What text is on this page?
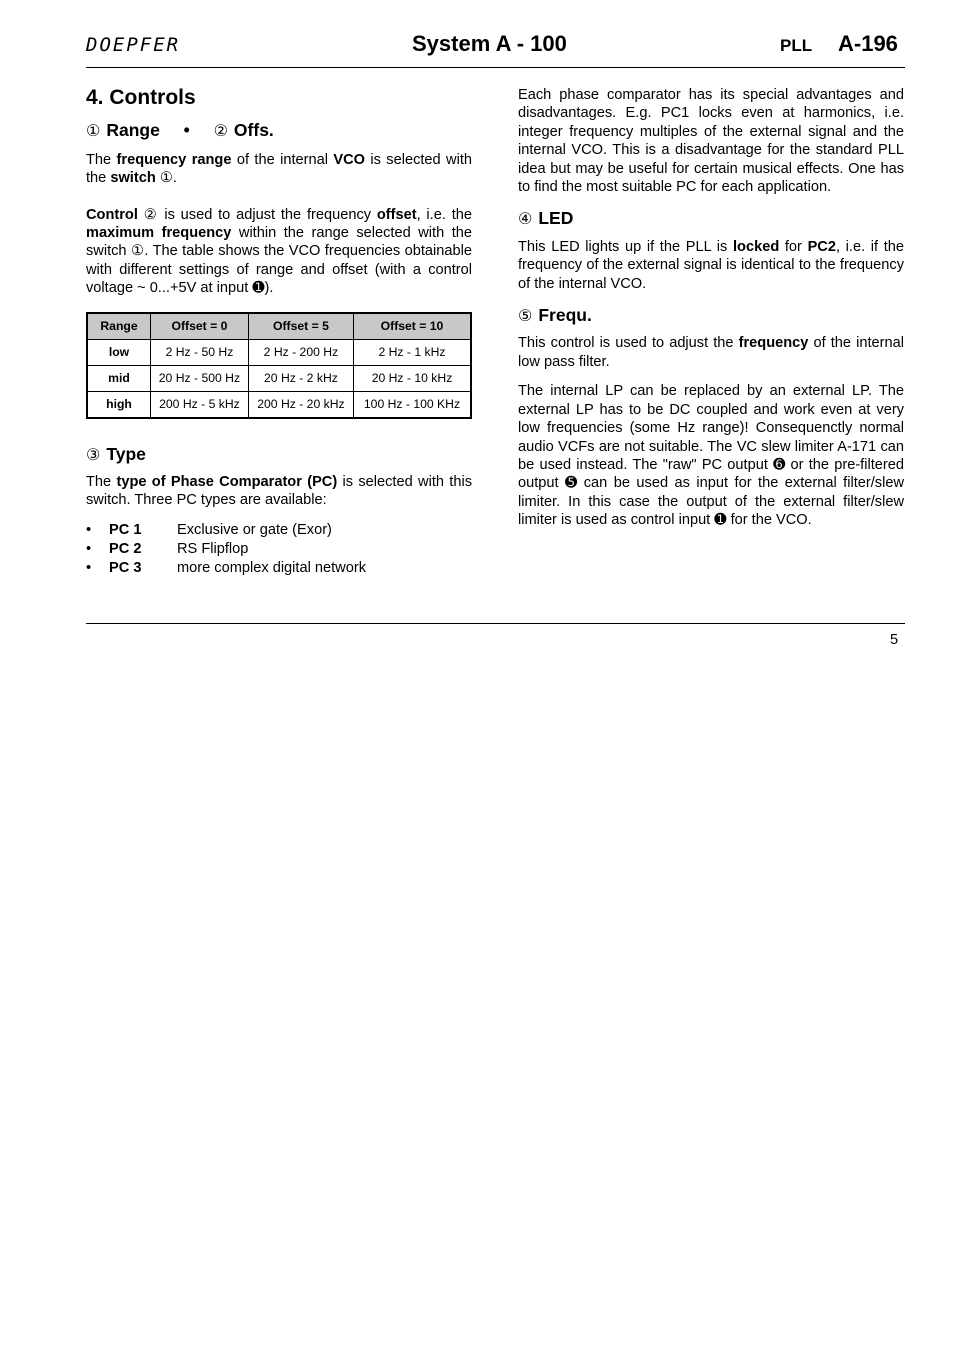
DOEPFER	System A - 100	PLL A-196
4. Controls
① Range • ② Offs.

The frequency range of the internal VCO is selected with the switch ①.

Control ② is used to adjust the frequency offset, i.e. the maximum frequency within the range selected with the switch ①. The table shows the VCO frequencies obtainable with different settings of range and offset (with a control voltage ~ 0...+5V at input ➊).

Range	Offset = 0	Offset = 5	Offset = 10
low	2 Hz - 50 Hz	2 Hz - 200 Hz	2 Hz - 1 kHz
mid	20 Hz - 500 Hz	20 Hz - 2 kHz	20 Hz - 10 kHz
high	200 Hz - 5 kHz	200 Hz - 20 kHz	100 Hz - 100 KHz
③ Type

The type of Phase Comparator (PC) is selected with this switch. Three PC types are available:

• PC 1 Exclusive or gate (Exor)
• PC 2 RS Flipflop
• PC 3 more complex digital network

Each phase comparator has its special advantages and disadvantages. E.g. PC1 locks even at harmonics, i.e. integer frequency multiples of the external signal and the internal VCO. This is a disadvantage for the standard PLL idea but may be useful for certain musical effects. One has to find the most suitable PC for each application.

④ LED

This LED lights up if the PLL is locked for PC2, i.e. if the frequency of the external signal is identical to the frequency of the internal VCO.

⑤ Frequ.

This control is used to adjust the frequency of the internal low pass filter.

The internal LP can be replaced by an external LP. The external LP has to be DC coupled and work even at very low frequencies (some Hz range)! Consequenctly normal audio VCFs are not suitable. The VC slew limiter A-171 can be used instead. The "raw" PC output ➏ or the pre-filtered output ➎ can be used as input for the external filter/slew limiter. In this case the output of the external filter/slew limiter is used as control input ➊ for the VCO.

5
